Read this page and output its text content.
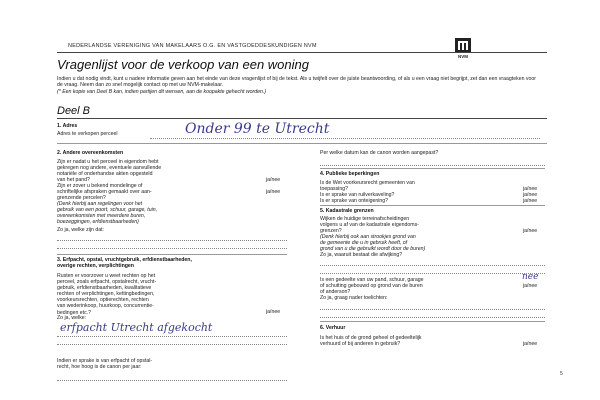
NEDERLANDSE VERENIGING VAN MAKELAARS O.G. EN VASTGOEDDESKUNDIGEN NVM
NVM
Vragenlijst voor de verkoop van een woning
Indien u dat nodig vindt, kunt u nadere informatie geven aan het einde van deze vragenlijst of bij de tekst. Als u twijfelt over de juiste beantwoording, of als u een vraag niet begrijpt, zet dan een vraagteken voor de vraag. Neem dan zo snel mogelijk contact op met uw NVM-makelaar.
(* Een kopie van Deel B kan, indien partijen dit wensen, aan de koopakte gehecht worden.)
Deel B
1. Adres
Adres te verkopen perceel	Onder 99 te Utrecht
2. Andere overeenkomsten
Zijn er nadat u het perceel in eigendom hebt
gekregen nog andere, eventuele aanvullende
notariële of onderhandse akten opgesteld
van het pand?	ja/nee
Zijn er zover u bekend mondelinge of
schriftelijke afspraken gemaakt over aan-
grenzende percelen?
ja/nee
(Denk hierbij aan regelingen voor het
gebruik van een poort, schuur, garage, tuin,
overeenkomsten met meerdere buren,
boezeggingen, erfdienstbaarheden)
Zo ja, welke zijn dat:
3. Erfpacht, opstal, vruchtgebruik, erfdienstbaarheden,
overige rechten, verplichtingen
Rusten er voorzover u weet rechten op het
perceel, zoals erfpacht, opstalrecht, vrucht-
gebruik, erfdienstbaarheden, kwalitatieve
rechten of verplichtingen, kettingbedingen,
voorkeursrechten, optierechten, rechten
van wederinkoop, huurkoop, concurrentie-
bedingen etc.?	ja/nee
Zo ja, welke:
erfpacht Utrecht afgekocht
Indien er sprake is van erfpacht of opstal-
recht, hoe hoog is de canon per jaar:
Per welke datum kan de canon worden aangepast?
4. Publieke beperkingen
Is de Wet voorkeursrecht gemeenten van
toepassing?	ja/nee
Is er sprake van ruilverkaveling?	ja/nee
Is er sprake van onteigening?	ja/nee
5. Kadastrale grenzen
Wijken de huidige terreinafscheidingen
volgens u af van de kadastrale eigendoms-
grenzen?	ja/nee
(Denk hierbij ook aan strookjes grond van
de gemeente die u in gebruik heeft, of
grond van u die gebruikt wordt door de buren)
Zo ja, waaruit bestaat die afwijking?
Is een gedeelte van uw pand, schuur, garage
of schutting gebouwd op grond van de buren
of anderson?
nee
ja/nee
Zo ja, graag nader toelichten:
6. Verhuur
Is het huis of de grond geheel of gedeeltelijk
verhuurd of bij anderen in gebruik?	ja/nee
5
